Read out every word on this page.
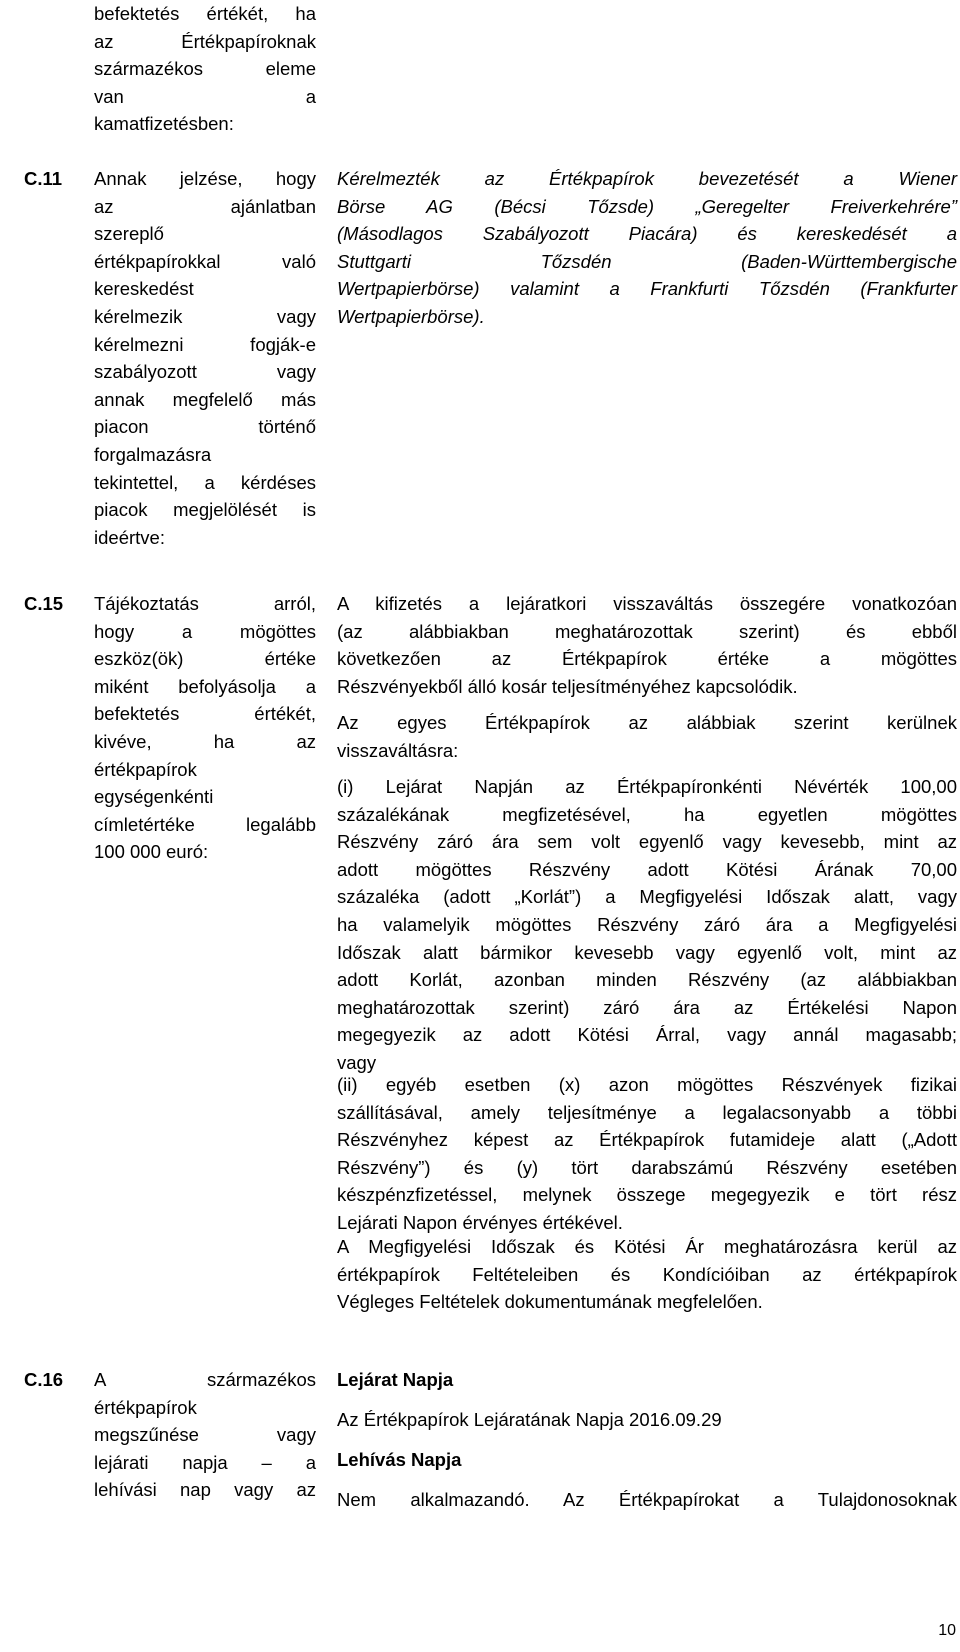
befektetés értékét, ha
az Értékpapíroknak
származékos eleme
van a
kamatfizetésben:
C.11 Annak jelzése, hogy
az ajánlatban
szereplő
értékpapírokkal való
kereskedést
kérelmezik vagy
kérelmezni fogják-e
szabályozott vagy
annak megfelelő más
piacon történő
forgalmazásra
tekintettel, a kérdéses
piacok megjelölését is
ideértve:
Kérelmezték az Értékpapírok bevezetését a Wiener
Börse AG (Bécsi Tőzsde) „Geregelter Freiverkehrére”
(Másodlagos Szabályozott Piacára) és kereskedését a
Stuttgarti Tőzsdén (Baden-Württembergische
Wertpapierbörse) valamint a Frankfurti Tőzsdén (Frankfurter
Wertpapierbörse).
C.15 Tájékoztatás arról,
hogy a mögöttes
eszköz(ök) értéke
miként befolyásolja a
befektetés értékét,
kivéve, ha az
értékpapírok
egységenkénti
címletértéke legalább
100 000 euró:
A kifizetés a lejáratkori visszaváltás összegére vonatkozóan
(az alábbiakban meghatározottak szerint) és ebből
következően az Értékpapírok értéke a mögöttes
Részvényekből álló kosár teljesítményéhez kapcsolódik.
Az egyes Értékpapírok az alábbiak szerint kerülnek
visszaváltásra:
(i) Lejárat Napján az Értékpapíronkénti Névérték 100,00
százalékának megfizetésével, ha egyetlen mögöttes
Részvény záró ára sem volt egyenlő vagy kevesebb, mint az
adott mögöttes Részvény adott Kötési Árának 70,00
százaléka (adott „Korlát”) a Megfigyelési Időszak alatt, vagy
ha valamelyik mögöttes Részvény záró ára a Megfigyelési
Időszak alatt bármikor kevesebb vagy egyenlő volt, mint az
adott Korlát, azonban minden Részvény (az alábbiakban
meghatározottak szerint) záró ára az Értékelési Napon
megegyezik az adott Kötési Árral, vagy annál magasabb;
vagy
(ii) egyéb esetben (x) azon mögöttes Részvények fizikai
szállításával, amely teljesítménye a legalacsonyabb a többi
Részvényhez képest az Értékpapírok futamideje alatt („Adott
Részvény”) és (y) tört darabszámú Részvény esetében
készpénzfizetéssel, melynek összege megegyezik e tört rész
Lejárati Napon érvényes értékével.
A Megfigyelési Időszak és Kötési Ár meghatározásra kerül az
értékpapírok Feltételeiben és Kondícióiban az értékpapírok
Végleges Feltételek dokumentumának megfelelően.
C.16 A származékos
értékpapírok
megszűnése vagy
lejárati napja – a
lehívási nap vagy az
Lejárat Napja
Az Értékpapírok Lejáratának Napja 2016.09.29
Lehívás Napja
Nem alkalmazandó. Az Értékpapírokat a Tulajdonosoknak
10
